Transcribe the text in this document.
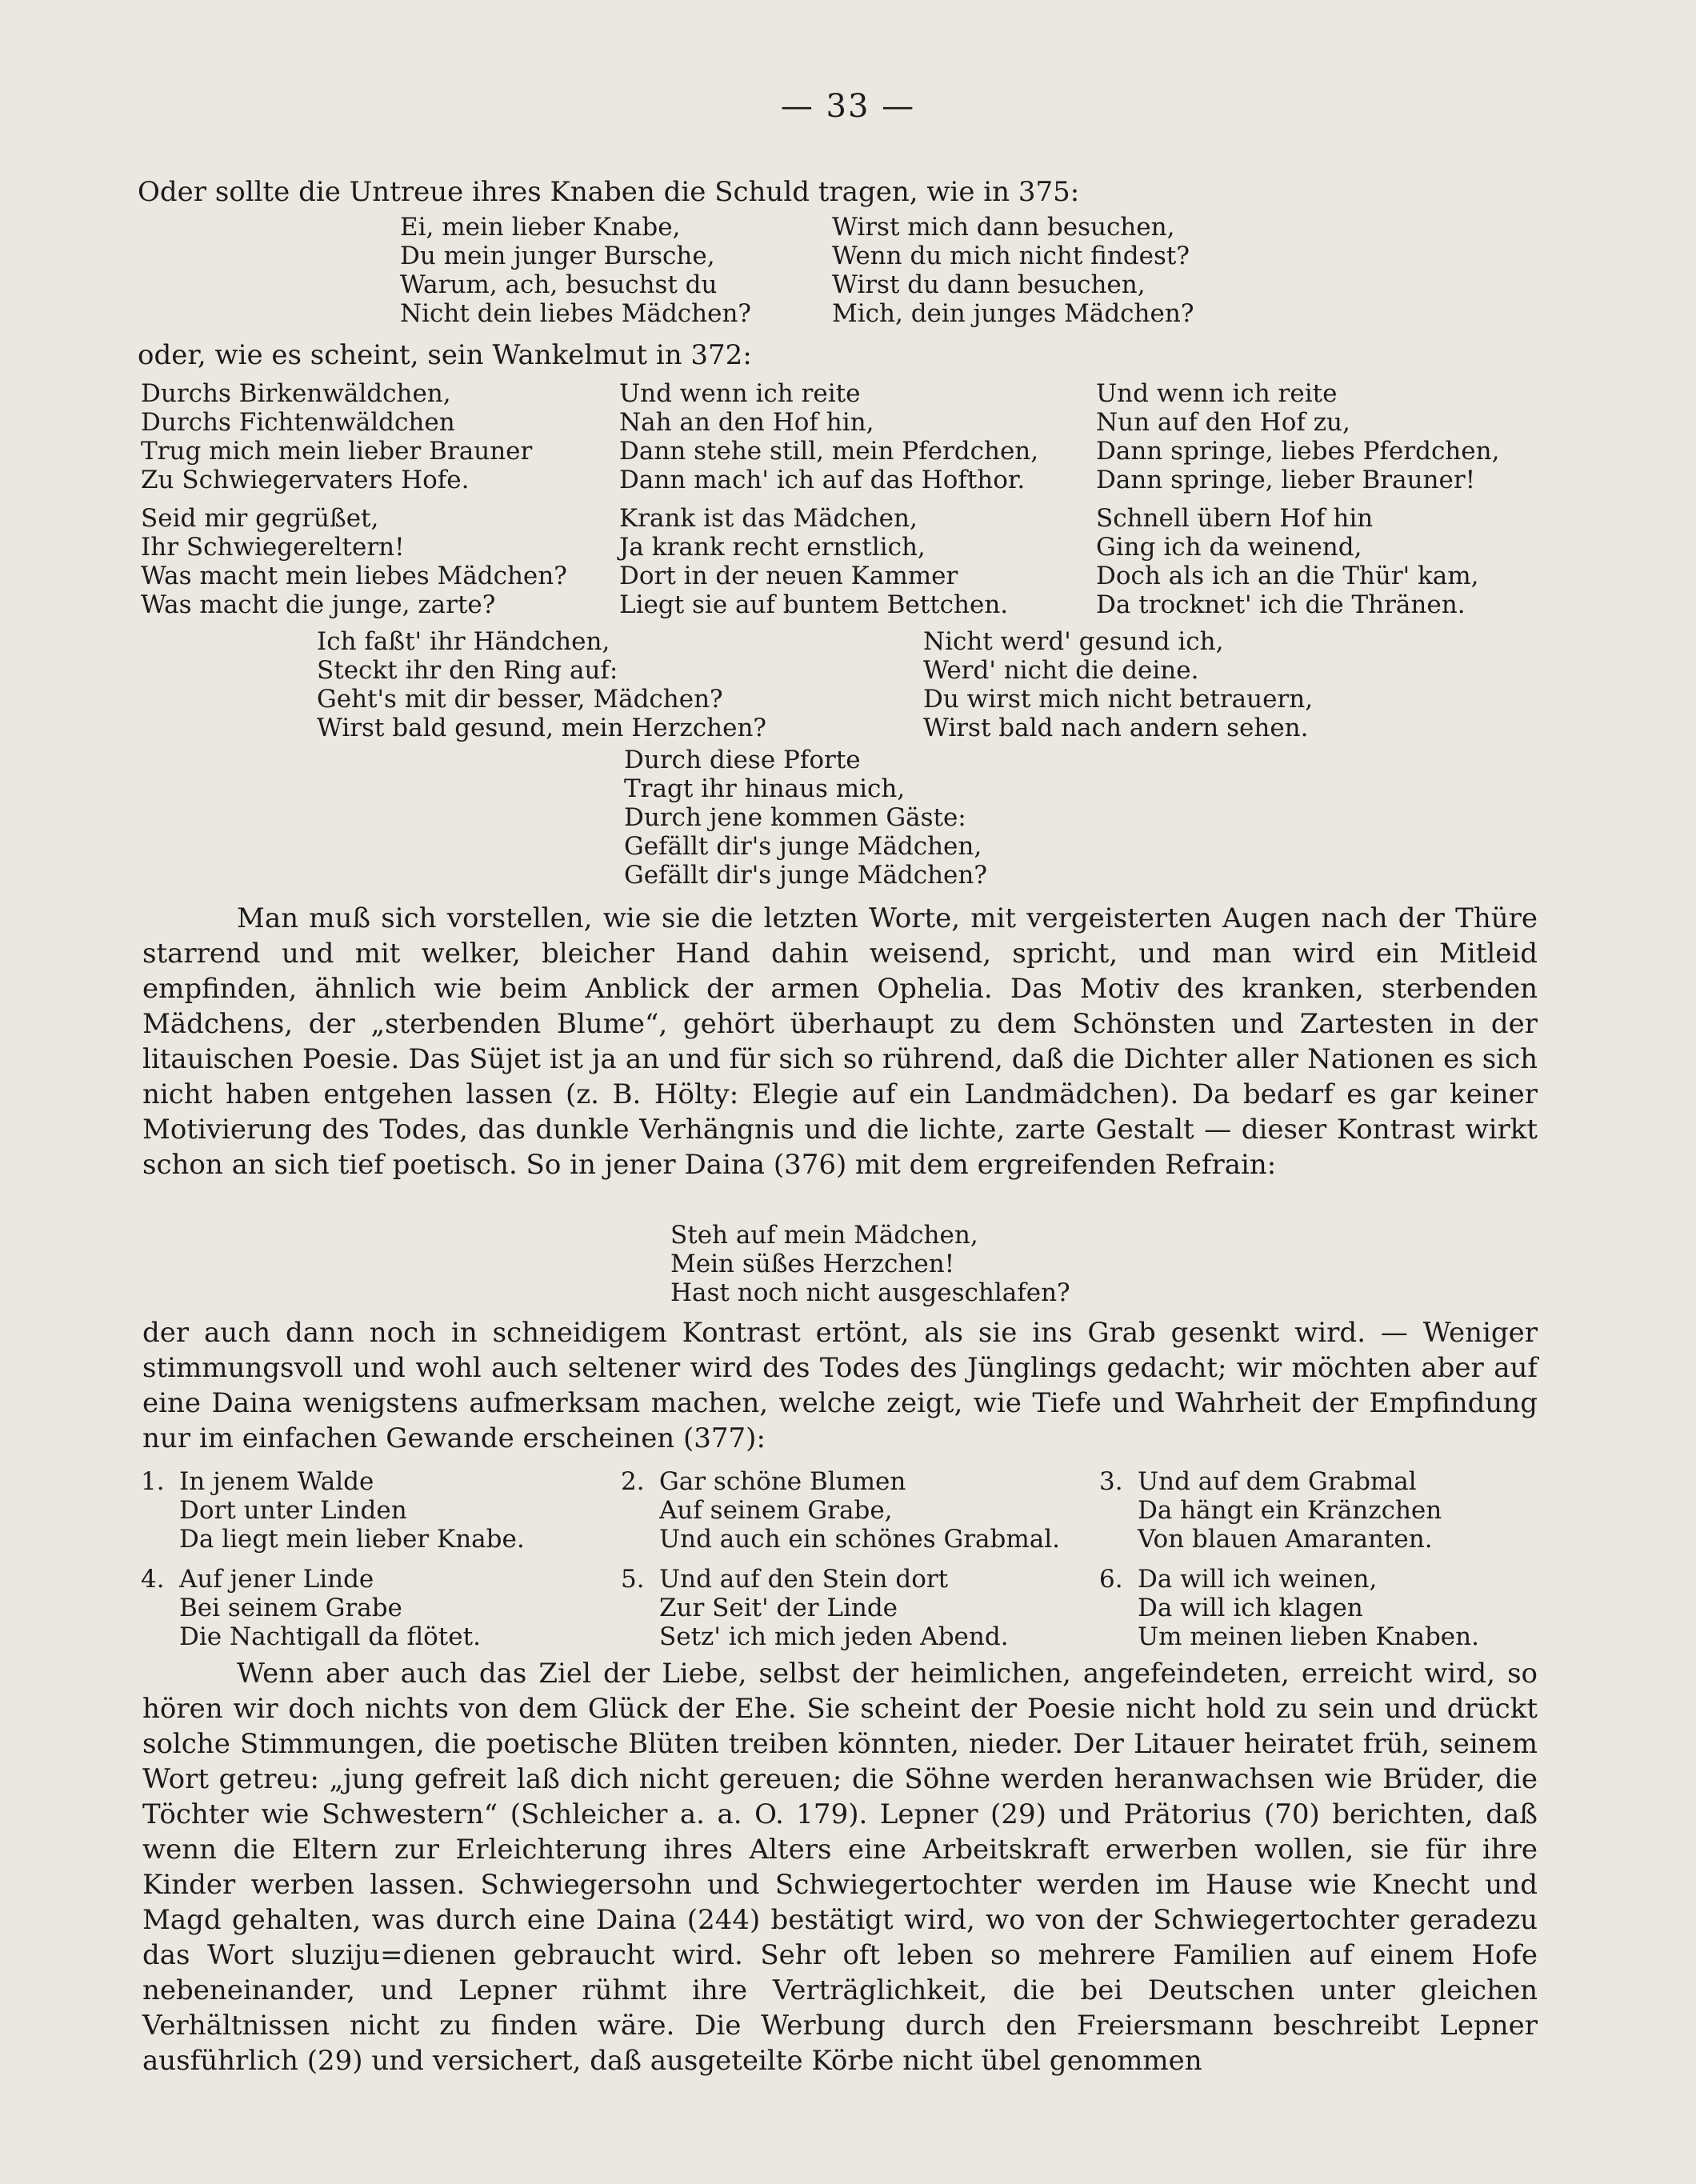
— 33 —
Oder sollte die Untreue ihres Knaben die Schuld tragen, wie in 375:
Ei, mein lieber Knabe,
Du mein junger Bursche,
Warum, ach, besuchst du
Nicht dein liebes Mädchen?
Wirst mich dann besuchen,
Wenn du mich nicht findest?
Wirst du dann besuchen,
Mich, dein junges Mädchen?
oder, wie es scheint, sein Wankelmut in 372:
Durchs Birkenwäldchen,
Durchs Fichtenwäldchen
Trug mich mein lieber Brauner
Zu Schwiegervaters Hofe.
Seid mir gegrüßet,
Ihr Schwiegereltern!
Was macht mein liebes Mädchen?
Was macht die junge, zarte?
Und wenn ich reite
Nah an den Hof hin,
Dann stehe still, mein Pferdchen,
Dann mach' ich auf das Hofthor.
Krank ist das Mädchen,
Ja krank recht ernstlich,
Dort in der neuen Kammer
Liegt sie auf buntem Bettchen.
Und wenn ich reite
Nun auf den Hof zu,
Dann springe, liebes Pferdchen,
Dann springe, lieber Brauner!
Schnell übern Hof hin
Ging ich da weinend,
Doch als ich an die Thür' kam,
Da trocknet' ich die Thränen.
Ich faßt' ihr Händchen,
Steckt ihr den Ring auf:
Geht's mit dir besser, Mädchen?
Wirst bald gesund, mein Herzchen?
Nicht werd' gesund ich,
Werd' nicht die deine.
Du wirst mich nicht betrauern,
Wirst bald nach andern sehen.
Durch diese Pforte
Tragt ihr hinaus mich,
Durch jene kommen Gäste:
Gefällt dir's junge Mädchen,
Gefällt dir's junge Mädchen?
Man muß sich vorstellen, wie sie die letzten Worte, mit vergeisterten Augen nach der Thüre starrend und mit welker, bleicher Hand dahin weisend, spricht, und man wird ein Mitleid empfinden, ähnlich wie beim Anblick der armen Ophelia. Das Motiv des kranken, sterbenden Mädchens, der „sterbenden Blume“, gehört überhaupt zu dem Schönsten und Zartesten in der litauischen Poesie. Das Süjet ist ja an und für sich so rührend, daß die Dichter aller Nationen es sich nicht haben entgehen lassen (z. B. Hölty: Elegie auf ein Landmädchen). Da bedarf es gar keiner Motivierung des Todes, das dunkle Verhängnis und die lichte, zarte Gestalt — dieser Kontrast wirkt schon an sich tief poetisch. So in jener Daina (376) mit dem ergreifenden Refrain:
Steh auf mein Mädchen,
Mein süßes Herzchen!
Hast noch nicht ausgeschlafen?
der auch dann noch in schneidigem Kontrast ertönt, als sie ins Grab gesenkt wird. — Weniger stimmungsvoll und wohl auch seltener wird des Todes des Jünglings gedacht; wir möchten aber auf eine Daina wenigstens aufmerksam machen, welche zeigt, wie Tiefe und Wahrheit der Empfindung nur im einfachen Gewande erscheinen (377):
1. In jenem Walde
Dort unter Linden
Da liegt mein lieber Knabe.
2. Gar schöne Blumen
Auf seinem Grabe,
Und auch ein schönes Grabmal.
3. Und auf dem Grabmal
Da hängt ein Kränzchen
Von blauen Amaranten.
4. Auf jener Linde
Bei seinem Grabe
Die Nachtigall da flötet.
5. Und auf den Stein dort
Zur Seit' der Linde
Setz' ich mich jeden Abend.
6. Da will ich weinen,
Da will ich klagen
Um meinen lieben Knaben.
Wenn aber auch das Ziel der Liebe, selbst der heimlichen, angefeindeten, erreicht wird, so hören wir doch nichts von dem Glück der Ehe. Sie scheint der Poesie nicht hold zu sein und drückt solche Stimmungen, die poetische Blüten treiben könnten, nieder. Der Litauer heiratet früh, seinem Wort getreu: „jung gefreit laß dich nicht gereuen; die Söhne werden heranwachsen wie Brüder, die Töchter wie Schwestern“ (Schleicher a. a. O. 179). Lepner (29) und Prätorius (70) berichten, daß wenn die Eltern zur Erleichterung ihres Alters eine Arbeitskraft erwerben wollen, sie für ihre Kinder werben lassen. Schwiegersohn und Schwiegertochter werden im Hause wie Knecht und Magd gehalten, was durch eine Daina (244) bestätigt wird, wo von der Schwiegertochter geradezu das Wort sluziju=dienen gebraucht wird. Sehr oft leben so mehrere Familien auf einem Hofe nebeneinander, und Lepner rühmt ihre Verträglichkeit, die bei Deutschen unter gleichen Verhältnissen nicht zu finden wäre. Die Werbung durch den Freiersmann beschreibt Lepner ausführlich (29) und versichert, daß ausgeteilte Körbe nicht übel genommen
